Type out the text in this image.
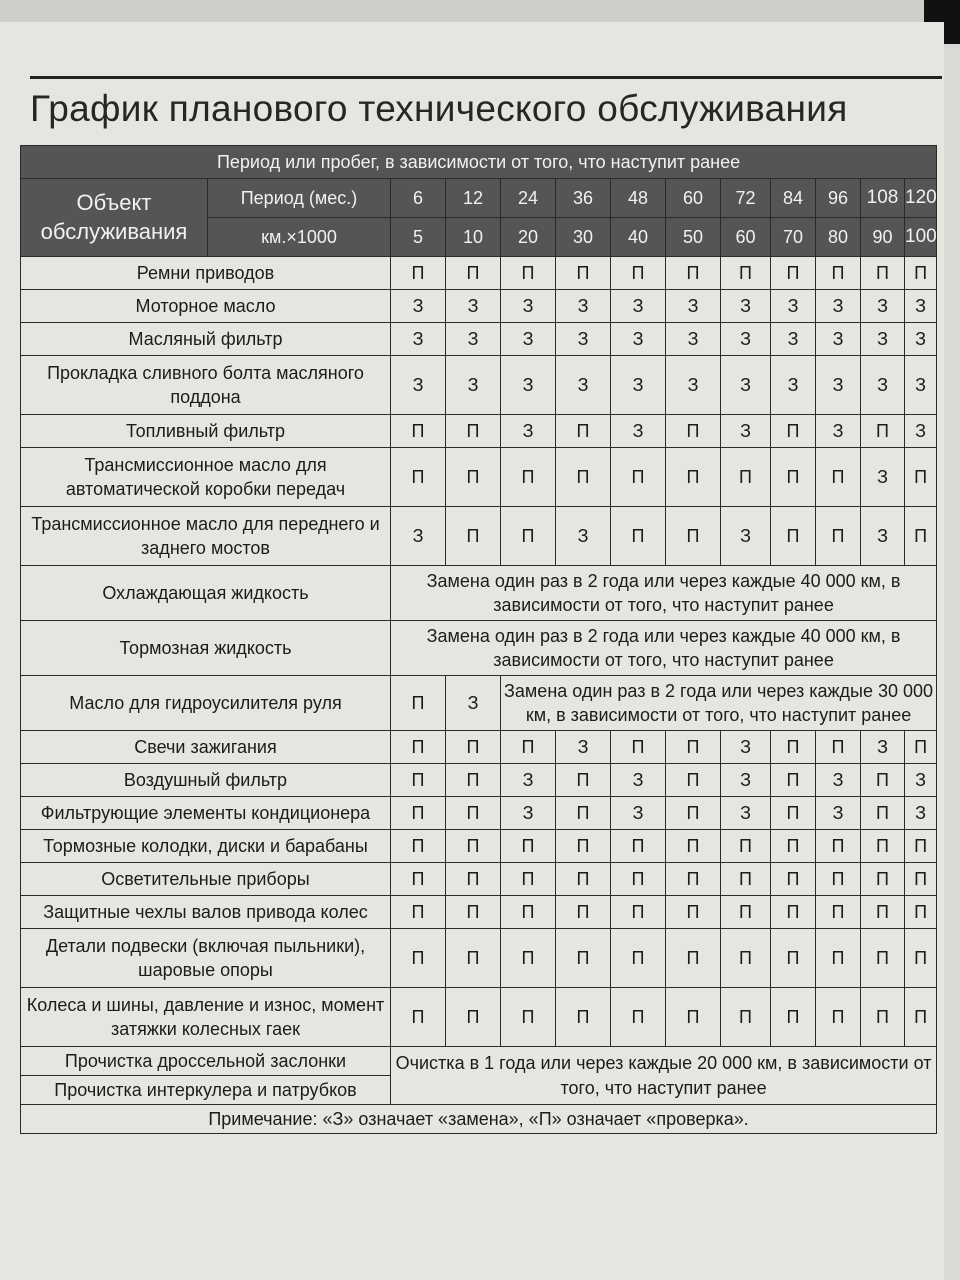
График планового технического обслуживания
Период или пробег, в зависимости от того, что наступит ранее												
Объект обслуживания	Период (мес.)	6	12	24	36	48	60	72	84	96	108	120
	км.×1000	5	10	20	30	40	50	60	70	80	90	100
Ремни приводов		П	П	П	П	П	П	П	П	П	П	П
Моторное масло		З	З	З	З	З	З	З	З	З	З	З
Масляный фильтр		З	З	З	З	З	З	З	З	З	З	З
Прокладка сливного болта масляного поддона		З	З	З	З	З	З	З	З	З	З	З
Топливный фильтр		П	П	З	П	З	П	З	П	З	П	З
Трансмиссионное масло для автоматической коробки передач		П	П	П	П	П	П	П	П	П	З	П
Трансмиссионное масло для переднего и заднего мостов		З	П	П	З	П	П	З	П	П	З	П
Охлаждающая жидкость		Замена один раз в 2 года или через каждые 40 000 км, в зависимости от того, что наступит ранее										
Тормозная жидкость		Замена один раз в 2 года или через каждые 40 000 км, в зависимости от того, что наступит ранее										
Масло для гидроусилителя руля		П	З	Замена один раз в 2 года или через каждые 30 000 км, в зависимости от того, что наступит ранее								
Свечи зажигания		П	П	П	З	П	П	З	П	П	З	П
Воздушный фильтр		П	П	З	П	З	П	З	П	З	П	З
Фильтрующие элементы кондиционера		П	П	З	П	З	П	З	П	З	П	З
Тормозные колодки, диски и барабаны		П	П	П	П	П	П	П	П	П	П	П
Осветительные приборы		П	П	П	П	П	П	П	П	П	П	П
Защитные чехлы валов привода колес		П	П	П	П	П	П	П	П	П	П	П
Детали подвески (включая пыльники), шаровые опоры		П	П	П	П	П	П	П	П	П	П	П
Колеса и шины, давление и износ, момент затяжки колесных гаек		П	П	П	П	П	П	П	П	П	П	П
Прочистка дроссельной заслонки		Очистка в 1 года или через каждые 20 000 км, в зависимости от того, что наступит ранее										
Прочистка интеркулера и патрубков												
Примечание: «З» означает «замена», «П» означает «проверка».												
